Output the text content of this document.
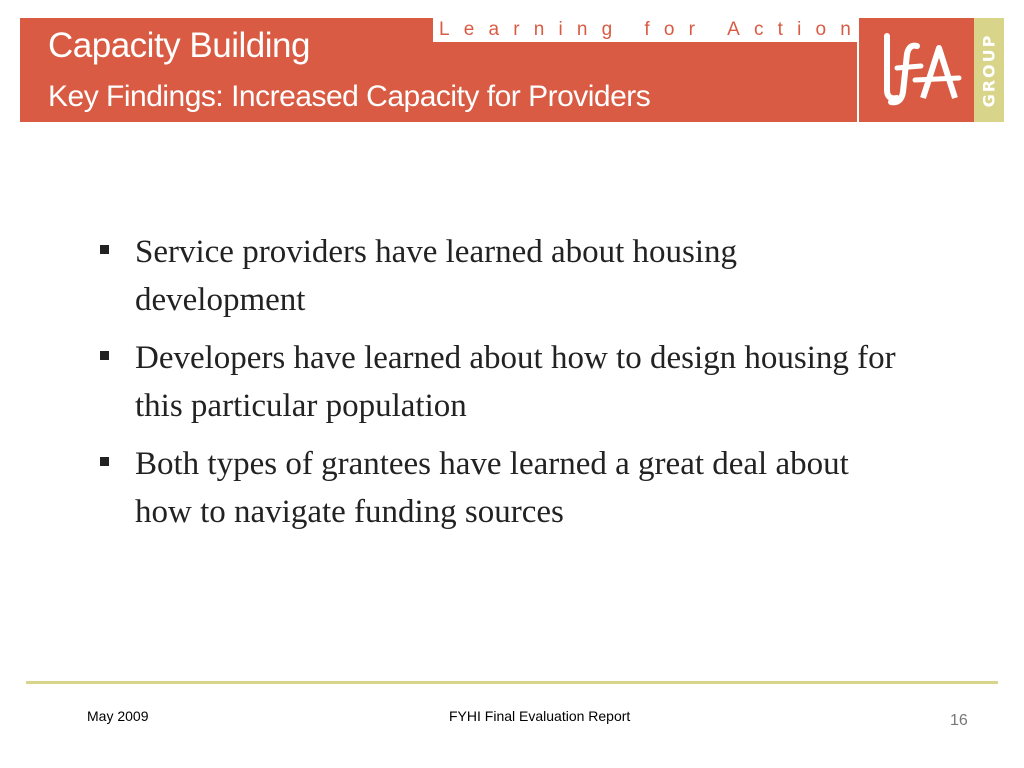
Capacity Building
Key Findings: Increased Capacity for Providers
L e a r n i n g f o r A c t i o n
GROUP
Service providers have learned about housing development
Developers have learned about how to design housing for this particular population
Both types of grantees have learned a great deal about how to navigate funding sources
May 2009	FYHI Final Evaluation Report	16
